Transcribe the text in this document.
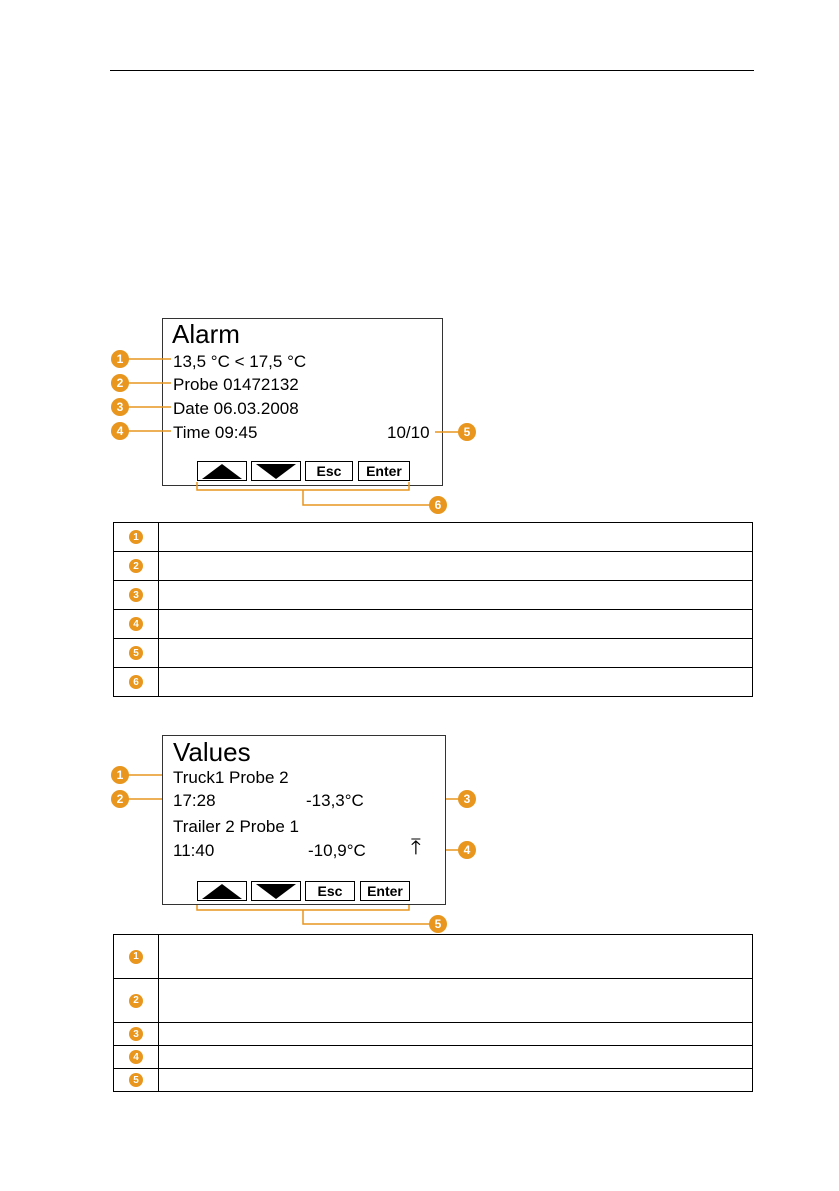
Alarm
13,5 °C < 17,5 °C
Probe 01472132
Date 06.03.2008
Time 09:45	10/10
Esc	Enter
1
2
3
4	5
6
1	

2	

3	

4	

5	

6	

Values
Truck1 Probe 2
17:28	-13,3°C
Trailer 2 Probe 1
11:40	-10,9°C ⤒
Esc	Enter
1
2	3
4
5
1	

2	

3	

4	

5	
